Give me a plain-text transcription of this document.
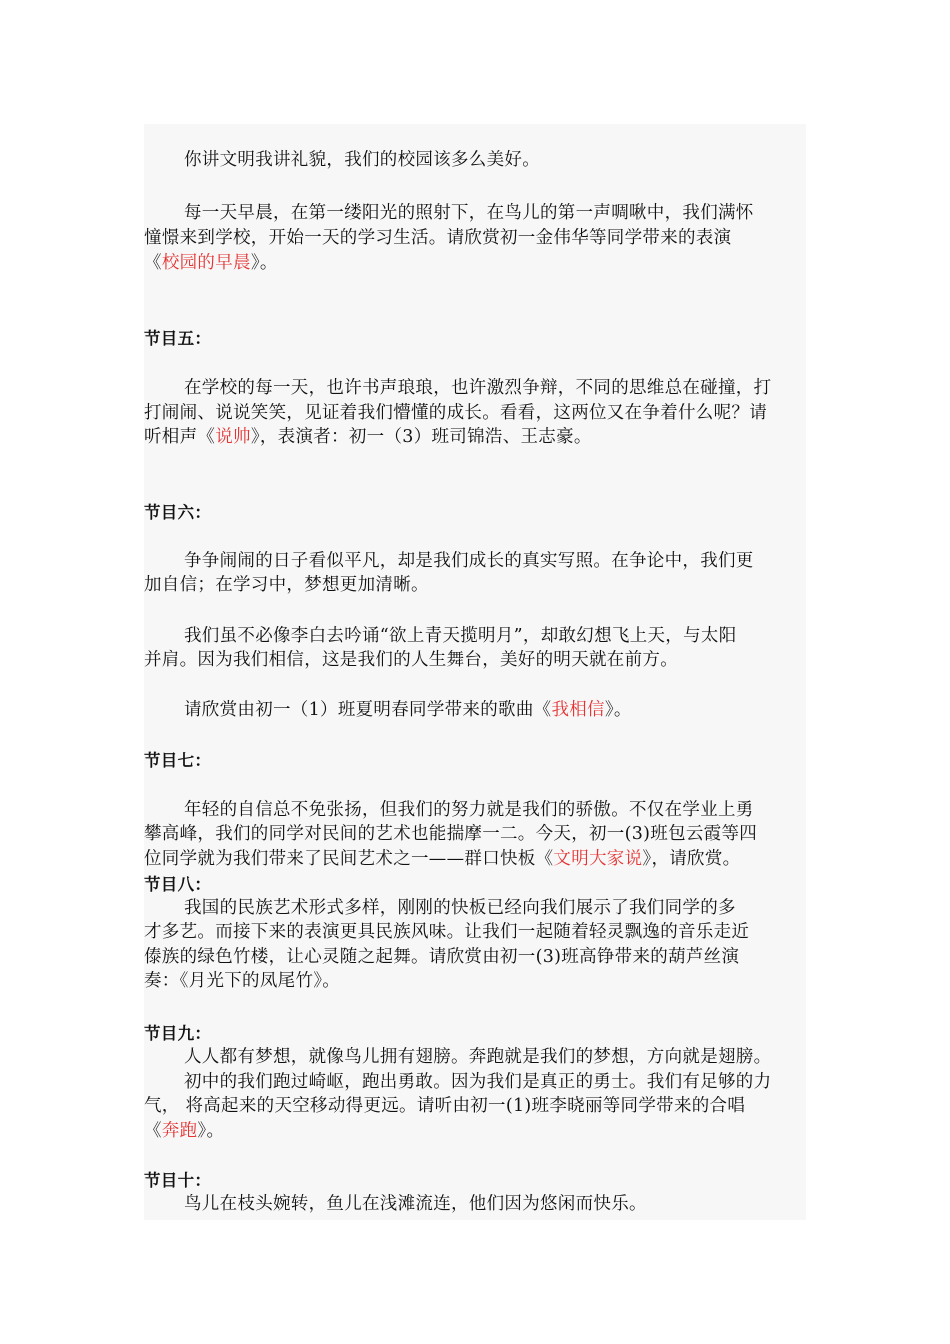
你讲文明我讲礼貌，我们的校园该多么美好。
每一天早晨，在第一缕阳光的照射下，在鸟儿的第一声啁啾中，我们满怀
憧憬来到学校，开始一天的学习生活。请欣赏初一金伟华等同学带来的表演
《校园的早晨》。
节目五：
在学校的每一天，也许书声琅琅，也许激烈争辩，不同的思维总在碰撞，打
打闹闹、说说笑笑，见证着我们懵懂的成长。看看，这两位又在争着什么呢？请
听相声《说帅》，表演者：初一（3）班司锦浩、王志豪。
节目六：
争争闹闹的日子看似平凡，却是我们成长的真实写照。在争论中，我们更
加自信；在学习中，梦想更加清晰。
我们虽不必像李白去吟诵“欲上青天揽明月”，却敢幻想飞上天，与太阳
并肩。因为我们相信，这是我们的人生舞台，美好的明天就在前方。
请欣赏由初一（1）班夏明春同学带来的歌曲《我相信》。
节目七：
年轻的自信总不免张扬，但我们的努力就是我们的骄傲。不仅在学业上勇
攀高峰，我们的同学对民间的艺术也能揣摩一二。今天，初一(3)班包云霞等四
位同学就为我们带来了民间艺术之一——群口快板《文明大家说》，请欣赏。
节目八：
我国的民族艺术形式多样，刚刚的快板已经向我们展示了我们同学的多
才多艺。而接下来的表演更具民族风味。让我们一起随着轻灵飘逸的音乐走近
傣族的绿色竹楼，让心灵随之起舞。请欣赏由初一(3)班高铮带来的葫芦丝演
奏：《月光下的凤尾竹》。
节目九：
人人都有梦想，就像鸟儿拥有翅膀。奔跑就是我们的梦想，方向就是翅膀。
初中的我们跑过崎岖，跑出勇敢。因为我们是真正的勇士。我们有足够的力
气， 将高起来的天空移动得更远。请听由初一(1)班李晓丽等同学带来的合唱
《奔跑》。
节目十：
鸟儿在枝头婉转，鱼儿在浅滩流连，他们因为悠闲而快乐。
